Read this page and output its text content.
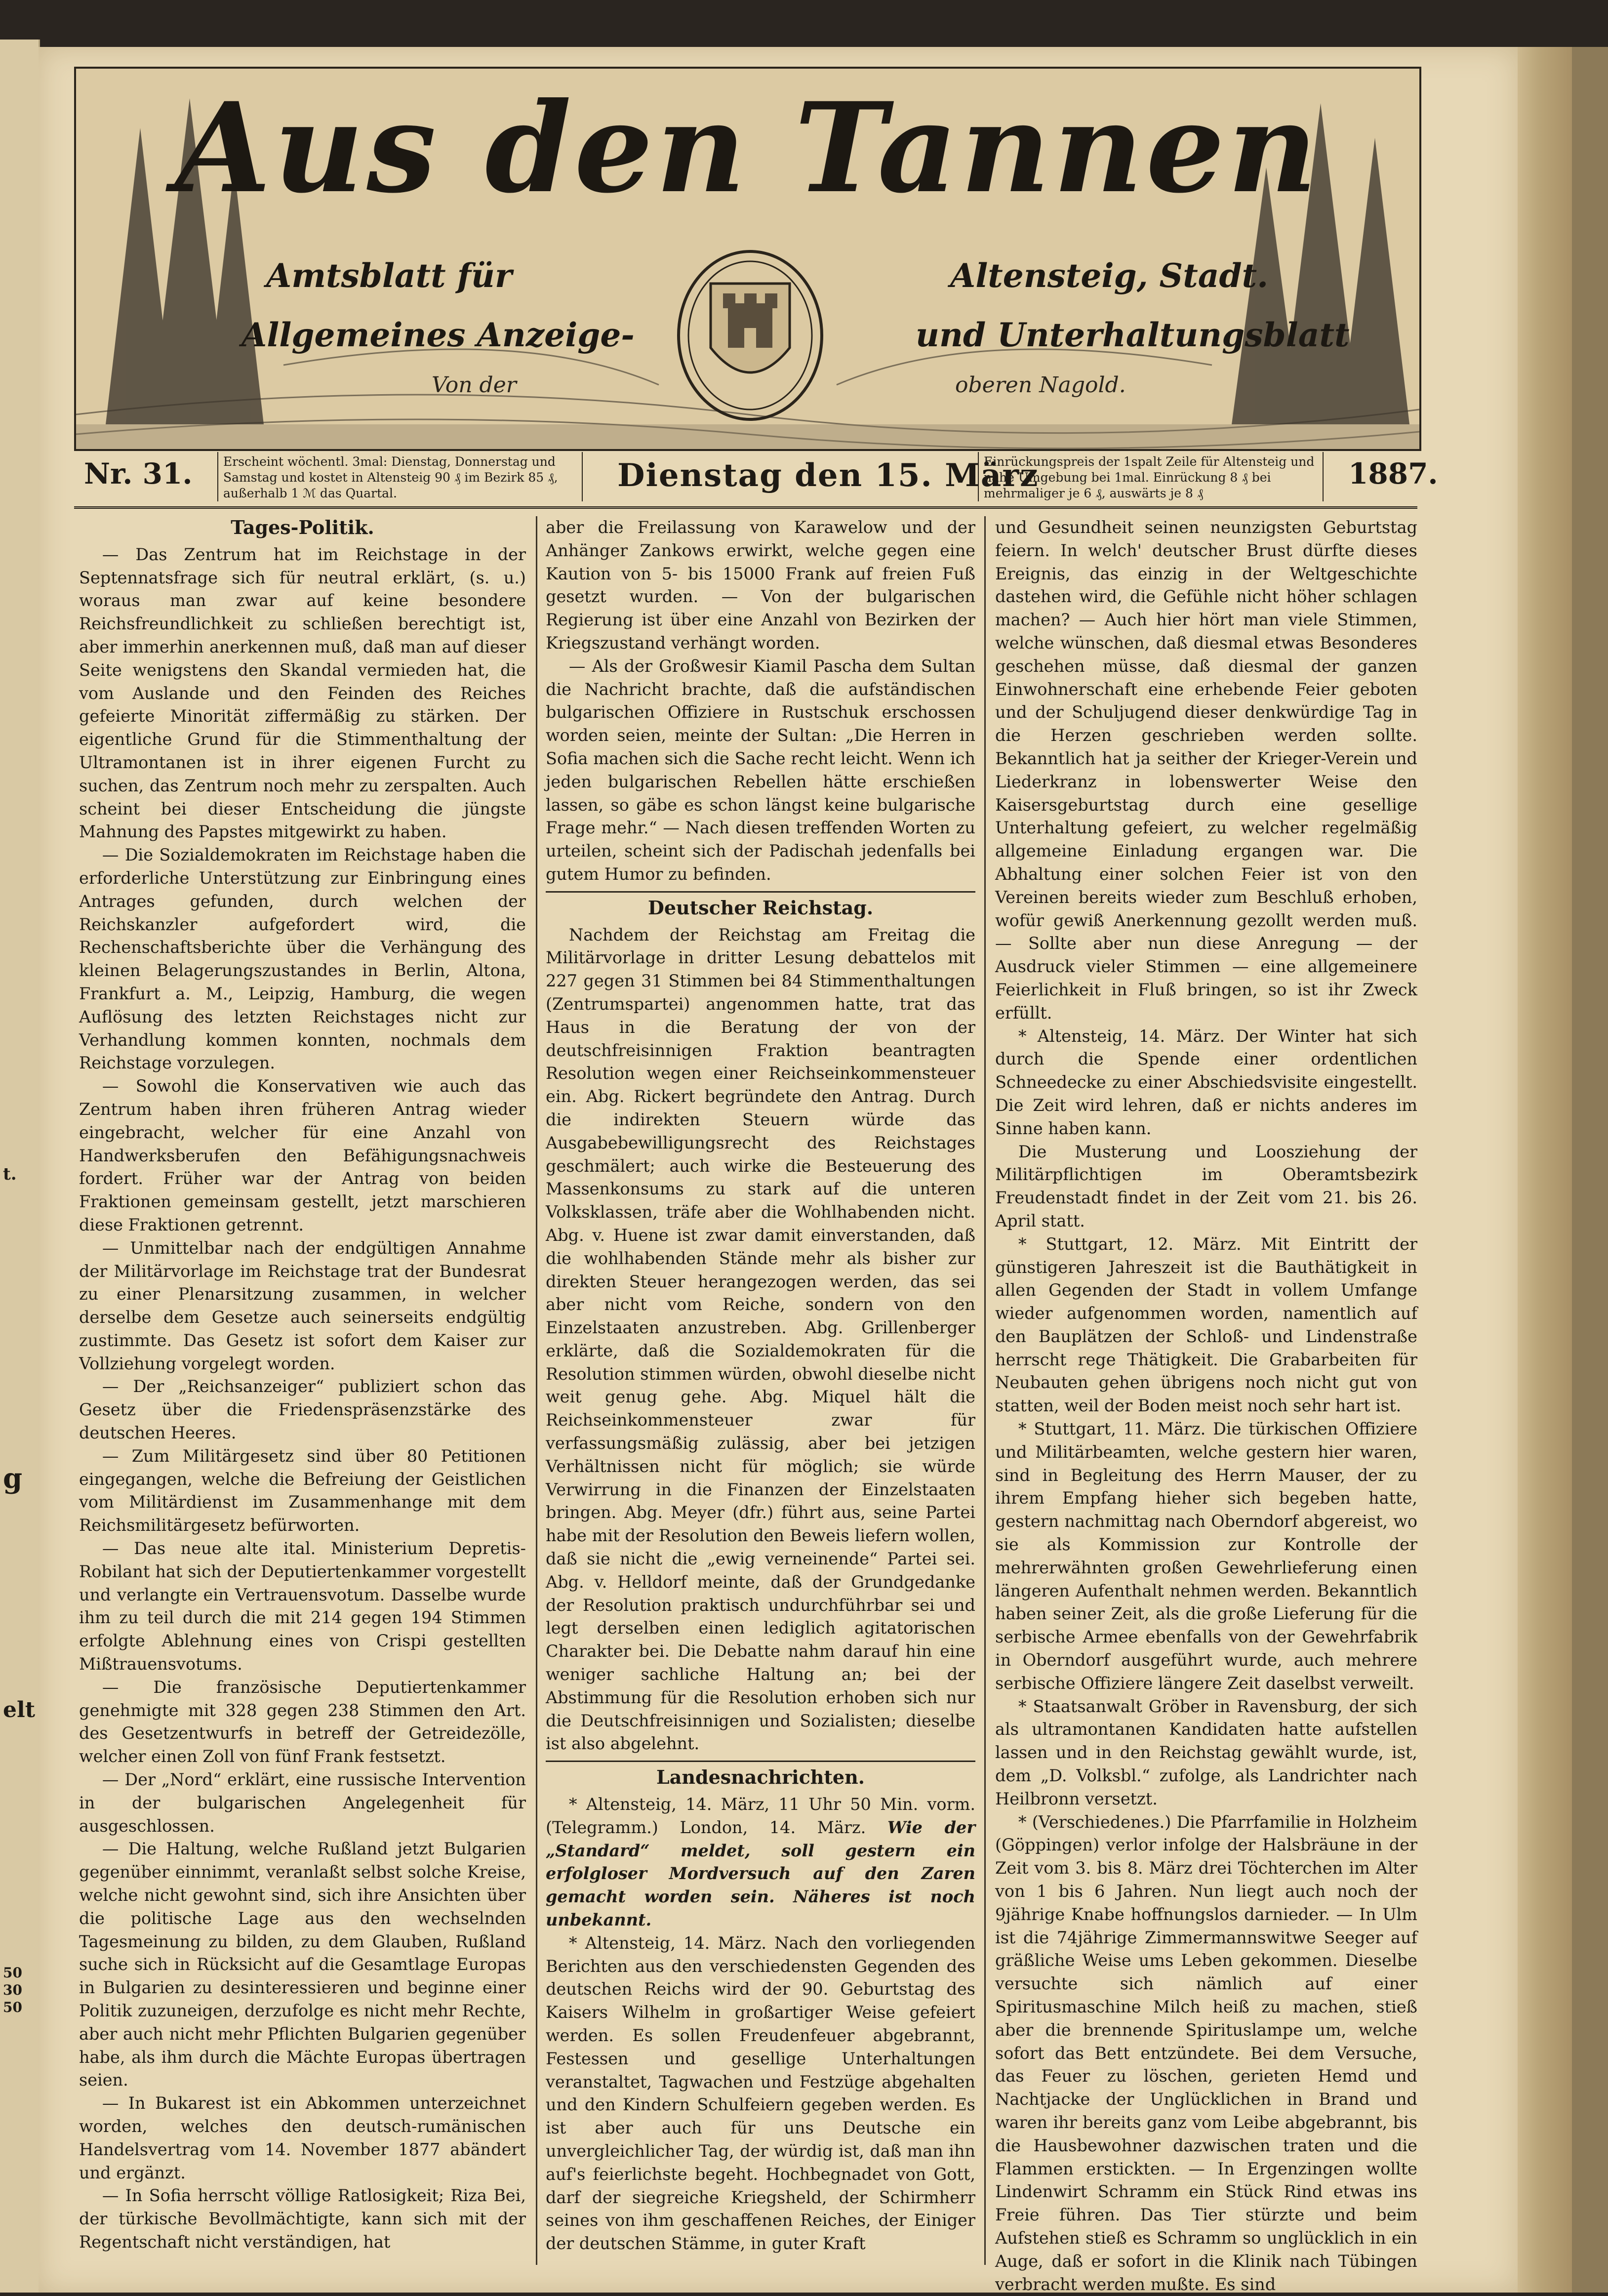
t.
g
elt
50
30
50
Aus den Tannen
Amtsblatt für	Altensteig, Stadt.
Allgemeines Anzeige-	und Unterhaltungsblatt
Von der	oberen Nagold.
Nr. 31.	Erscheint wöchentl. 3mal: Dienstag, Donnerstag und Samstag und kostet in Altensteig 90 ₰ im Bezirk 85 ₰, außerhalb 1 ℳ das Quartal.	Dienstag den 15. März
Einrückungspreis der 1spalt Zeile für Altensteig und nahe Umgebung bei 1mal. Einrückung 8 ₰ bei mehrmaliger je 6 ₰, auswärts je 8 ₰
1887.
Tages-Politik.

— Das Zentrum hat im Reichstage in der Septennatsfrage sich für neutral erklärt, (s. u.) woraus man zwar auf keine besondere Reichsfreundlichkeit zu schließen berechtigt ist, aber immerhin anerkennen muß, daß man auf dieser Seite wenigstens den Skandal vermieden hat, die vom Auslande und den Feinden des Reiches gefeierte Minorität ziffermäßig zu stärken. Der eigentliche Grund für die Stimmenthaltung der Ultramontanen ist in ihrer eigenen Furcht zu suchen, das Zentrum noch mehr zu zerspalten. Auch scheint bei dieser Entscheidung die jüngste Mahnung des Papstes mitgewirkt zu haben.

— Die Sozialdemokraten im Reichstage haben die erforderliche Unterstützung zur Einbringung eines Antrages gefunden, durch welchen der Reichskanzler aufgefordert wird, die Rechenschaftsberichte über die Verhängung des kleinen Belagerungszustandes in Berlin, Altona, Frankfurt a. M., Leipzig, Hamburg, die wegen Auflösung des letzten Reichstages nicht zur Verhandlung kommen konnten, nochmals dem Reichstage vorzulegen.

— Sowohl die Konservativen wie auch das Zentrum haben ihren früheren Antrag wieder eingebracht, welcher für eine Anzahl von Handwerksberufen den Befähigungsnachweis fordert. Früher war der Antrag von beiden Fraktionen gemeinsam gestellt, jetzt marschieren diese Fraktionen getrennt.

— Unmittelbar nach der endgültigen Annahme der Militärvorlage im Reichstage trat der Bundesrat zu einer Plenarsitzung zusammen, in welcher derselbe dem Gesetze auch seinerseits endgültig zustimmte. Das Gesetz ist sofort dem Kaiser zur Vollziehung vorgelegt worden.

— Der „Reichsanzeiger“ publiziert schon das Gesetz über die Friedenspräsenzstärke des deutschen Heeres.

— Zum Militärgesetz sind über 80 Petitionen eingegangen, welche die Befreiung der Geistlichen vom Militärdienst im Zusammenhange mit dem Reichsmilitärgesetz befürworten.

— Das neue alte ital. Ministerium Depretis-Robilant hat sich der Deputiertenkammer vorgestellt und verlangte ein Vertrauensvotum. Dasselbe wurde ihm zu teil durch die mit 214 gegen 194 Stimmen erfolgte Ablehnung eines von Crispi gestellten Mißtrauensvotums.

— Die französische Deputiertenkammer genehmigte mit 328 gegen 238 Stimmen den Art. des Gesetzentwurfs in betreff der Getreidezölle, welcher einen Zoll von fünf Frank festsetzt.

— Der „Nord“ erklärt, eine russische Intervention in der bulgarischen Angelegenheit für ausgeschlossen.

— Die Haltung, welche Rußland jetzt Bulgarien gegenüber einnimmt, veranlaßt selbst solche Kreise, welche nicht gewohnt sind, sich ihre Ansichten über die politische Lage aus den wechselnden Tagesmeinung zu bilden, zu dem Glauben, Rußland suche sich in Rücksicht auf die Gesamtlage Europas in Bulgarien zu desinteressieren und beginne einer Politik zuzuneigen, derzufolge es nicht mehr Rechte, aber auch nicht mehr Pflichten Bulgarien gegenüber habe, als ihm durch die Mächte Europas übertragen seien.

— In Bukarest ist ein Abkommen unterzeichnet worden, welches den deutsch-rumänischen Handelsvertrag vom 14. November 1877 abändert und ergänzt.

— In Sofia herrscht völlige Ratlosigkeit; Riza Bei, der türkische Bevollmächtigte, kann sich mit der Regentschaft nicht verständigen, hat

aber die Freilassung von Karawelow und der Anhänger Zankows erwirkt, welche gegen eine Kaution von 5- bis 15000 Frank auf freien Fuß gesetzt wurden. — Von der bulgarischen Regierung ist über eine Anzahl von Bezirken der Kriegszustand verhängt worden.

— Als der Großwesir Kiamil Pascha dem Sultan die Nachricht brachte, daß die aufständischen bulgarischen Offiziere in Rustschuk erschossen worden seien, meinte der Sultan: „Die Herren in Sofia machen sich die Sache recht leicht. Wenn ich jeden bulgarischen Rebellen hätte erschießen lassen, so gäbe es schon längst keine bulgarische Frage mehr.“ — Nach diesen treffenden Worten zu urteilen, scheint sich der Padischah jedenfalls bei gutem Humor zu befinden.

Deutscher Reichstag.

Nachdem der Reichstag am Freitag die Militärvorlage in dritter Lesung debattelos mit 227 gegen 31 Stimmen bei 84 Stimmenthaltungen (Zentrumspartei) angenommen hatte, trat das Haus in die Beratung der von der deutschfreisinnigen Fraktion beantragten Resolution wegen einer Reichseinkommensteuer ein. Abg. Rickert begründete den Antrag. Durch die indirekten Steuern würde das Ausgabebewilligungsrecht des Reichstages geschmälert; auch wirke die Besteuerung des Massenkonsums zu stark auf die unteren Volksklassen, träfe aber die Wohlhabenden nicht. Abg. v. Huene ist zwar damit einverstanden, daß die wohlhabenden Stände mehr als bisher zur direkten Steuer herangezogen werden, das sei aber nicht vom Reiche, sondern von den Einzelstaaten anzustreben. Abg. Grillenberger erklärte, daß die Sozialdemokraten für die Resolution stimmen würden, obwohl dieselbe nicht weit genug gehe. Abg. Miquel hält die Reichseinkommensteuer zwar für verfassungsmäßig zulässig, aber bei jetzigen Verhältnissen nicht für möglich; sie würde Verwirrung in die Finanzen der Einzelstaaten bringen. Abg. Meyer (dfr.) führt aus, seine Partei habe mit der Resolution den Beweis liefern wollen, daß sie nicht die „ewig verneinende“ Partei sei. Abg. v. Helldorf meinte, daß der Grundgedanke der Resolution praktisch undurchführbar sei und legt derselben einen lediglich agitatorischen Charakter bei. Die Debatte nahm darauf hin eine weniger sachliche Haltung an; bei der Abstimmung für die Resolution erhoben sich nur die Deutschfreisinnigen und Sozialisten; dieselbe ist also abgelehnt.

Landesnachrichten.

* Altensteig, 14. März, 11 Uhr 50 Min. vorm. (Telegramm.) London, 14. März. Wie der „Standard“ meldet, soll gestern ein erfolgloser Mordversuch auf den Zaren gemacht worden sein. Näheres ist noch unbekannt.

* Altensteig, 14. März. Nach den vorliegenden Berichten aus den verschiedensten Gegenden des deutschen Reichs wird der 90. Geburtstag des Kaisers Wilhelm in großartiger Weise gefeiert werden. Es sollen Freudenfeuer abgebrannt, Festessen und gesellige Unterhaltungen veranstaltet, Tagwachen und Festzüge abgehalten und den Kindern Schulfeiern gegeben werden. Es ist aber auch für uns Deutsche ein unvergleichlicher Tag, der würdig ist, daß man ihn auf's feierlichste begeht. Hochbegnadet von Gott, darf der siegreiche Kriegsheld, der Schirmherr seines von ihm geschaffenen Reiches, der Einiger der deutschen Stämme, in guter Kraft

und Gesundheit seinen neunzigsten Geburtstag feiern. In welch' deutscher Brust dürfte dieses Ereignis, das einzig in der Weltgeschichte dastehen wird, die Gefühle nicht höher schlagen machen? — Auch hier hört man viele Stimmen, welche wünschen, daß diesmal etwas Besonderes geschehen müsse, daß diesmal der ganzen Einwohnerschaft eine erhebende Feier geboten und der Schuljugend dieser denkwürdige Tag in die Herzen geschrieben werden sollte. Bekanntlich hat ja seither der Krieger-Verein und Liederkranz in lobenswerter Weise den Kaisersgeburtstag durch eine gesellige Unterhaltung gefeiert, zu welcher regelmäßig allgemeine Einladung ergangen war. Die Abhaltung einer solchen Feier ist von den Vereinen bereits wieder zum Beschluß erhoben, wofür gewiß Anerkennung gezollt werden muß. — Sollte aber nun diese Anregung — der Ausdruck vieler Stimmen — eine allgemeinere Feierlichkeit in Fluß bringen, so ist ihr Zweck erfüllt.

* Altensteig, 14. März. Der Winter hat sich durch die Spende einer ordentlichen Schneedecke zu einer Abschiedsvisite eingestellt. Die Zeit wird lehren, daß er nichts anderes im Sinne haben kann.

Die Musterung und Loosziehung der Militärpflichtigen im Oberamtsbezirk Freudenstadt findet in der Zeit vom 21. bis 26. April statt.

* Stuttgart, 12. März. Mit Eintritt der günstigeren Jahreszeit ist die Bauthätigkeit in allen Gegenden der Stadt in vollem Umfange wieder aufgenommen worden, namentlich auf den Bauplätzen der Schloß- und Lindenstraße herrscht rege Thätigkeit. Die Grabarbeiten für Neubauten gehen übrigens noch nicht gut von statten, weil der Boden meist noch sehr hart ist.

* Stuttgart, 11. März. Die türkischen Offiziere und Militärbeamten, welche gestern hier waren, sind in Begleitung des Herrn Mauser, der zu ihrem Empfang hieher sich begeben hatte, gestern nachmittag nach Oberndorf abgereist, wo sie als Kommission zur Kontrolle der mehrerwähnten großen Gewehrlieferung einen längeren Aufenthalt nehmen werden. Bekanntlich haben seiner Zeit, als die große Lieferung für die serbische Armee ebenfalls von der Gewehrfabrik in Oberndorf ausgeführt wurde, auch mehrere serbische Offiziere längere Zeit daselbst verweilt.

* Staatsanwalt Gröber in Ravensburg, der sich als ultramontanen Kandidaten hatte aufstellen lassen und in den Reichstag gewählt wurde, ist, dem „D. Volksbl.“ zufolge, als Landrichter nach Heilbronn versetzt.

* (Verschiedenes.) Die Pfarrfamilie in Holzheim (Göppingen) verlor infolge der Halsbräune in der Zeit vom 3. bis 8. März drei Töchterchen im Alter von 1 bis 6 Jahren. Nun liegt auch noch der 9jährige Knabe hoffnungslos darnieder. — In Ulm ist die 74jährige Zimmermannswitwe Seeger auf gräßliche Weise ums Leben gekommen. Dieselbe versuchte sich nämlich auf einer Spiritusmaschine Milch heiß zu machen, stieß aber die brennende Spirituslampe um, welche sofort das Bett entzündete. Bei dem Versuche, das Feuer zu löschen, gerieten Hemd und Nachtjacke der Unglücklichen in Brand und waren ihr bereits ganz vom Leibe abgebrannt, bis die Hausbewohner dazwischen traten und die Flammen erstickten. — In Ergenzingen wollte Lindenwirt Schramm ein Stück Rind etwas ins Freie führen. Das Tier stürzte und beim Aufstehen stieß es Schramm so unglücklich in ein Auge, daß er sofort in die Klinik nach Tübingen verbracht werden mußte. Es sind
